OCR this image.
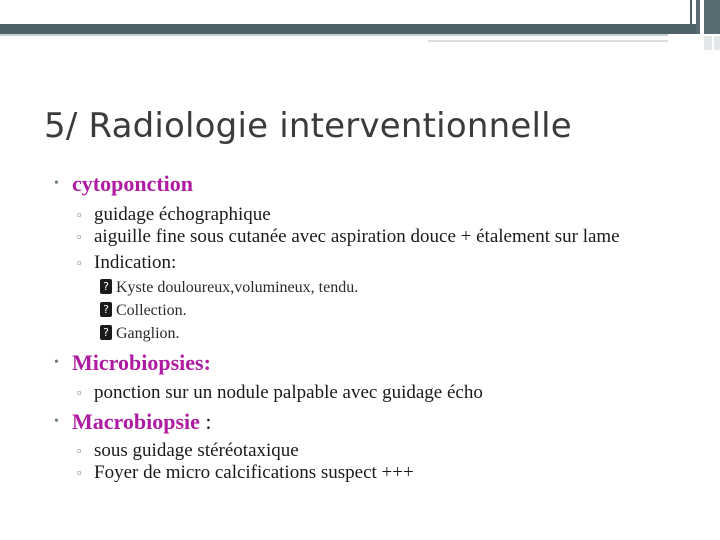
5/ Radiologie interventionnelle
• cytoponction
▫ guidage échographique
▫ aiguille fine sous cutanée avec aspiration douce + étalement sur lame
▫ Indication:
? Kyste douloureux,volumineux, tendu.
? Collection.
? Ganglion.
• Microbiopsies:
▫ ponction sur un nodule palpable avec guidage écho
• Macrobiopsie :
▫ sous guidage stéréotaxique
▫ Foyer de micro calcifications suspect +++
